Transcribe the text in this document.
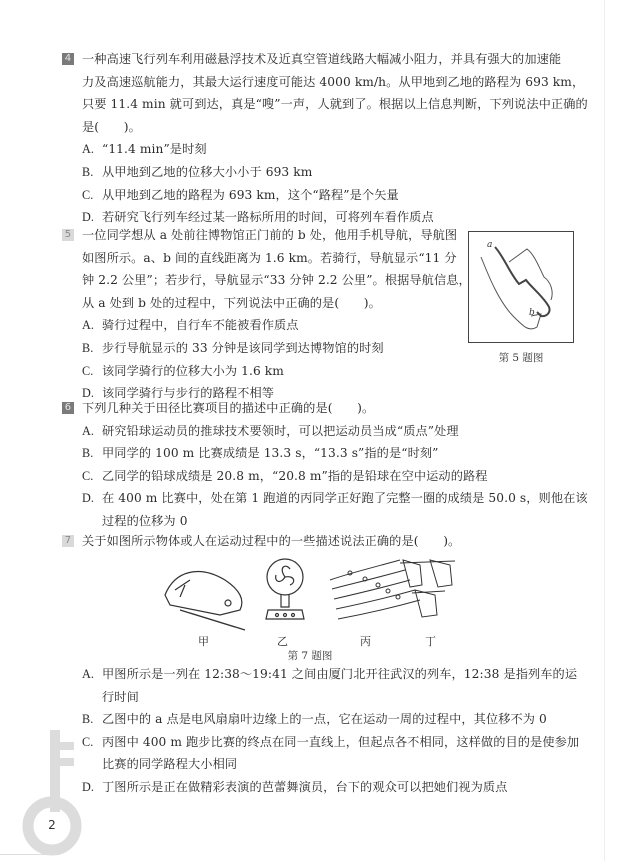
4 一种高速飞行列车利用磁悬浮技术及近真空管道线路大幅减小阻力，并具有强大的加速能
力及高速巡航能力，其最大运行速度可能达 4000 km/h。从甲地到乙地的路程为 693 km，
只要 11.4 min 就可到达，真是“嗖”一声，人就到了。根据以上信息判断，下列说法中正确的
是(　　)。
A. “11.4 min”是时刻
B. 从甲地到乙地的位移大小小于 693 km
C. 从甲地到乙地的路程为 693 km，这个“路程”是个矢量
D. 若研究飞行列车经过某一路标所用的时间，可将列车看作质点
5 一位同学想从 a 处前往博物馆正门前的 b 处，他用手机导航，导航图
如图所示。a、b 间的直线距离为 1.6 km。若骑行，导航显示“11 分
钟 2.2 公里”；若步行，导航显示“33 分钟 2.2 公里”。根据导航信息，
从 a 处到 b 处的过程中，下列说法中正确的是(　　)。
A. 骑行过程中，自行车不能被看作质点
B. 步行导航显示的 33 分钟是该同学到达博物馆的时刻
C. 该同学骑行的位移大小为 1.6 km
D. 该同学骑行与步行的路程不相等
a
b
第 5 题图
6 下列几种关于田径比赛项目的描述中正确的是(　　)。
A. 研究铅球运动员的推球技术要领时，可以把运动员当成“质点”处理
B. 甲同学的 100 m 比赛成绩是 13.3 s，“13.3 s”指的是“时刻”
C. 乙同学的铅球成绩是 20.8 m，“20.8 m”指的是铅球在空中运动的路程
D. 在 400 m 比赛中，处在第 1 跑道的丙同学正好跑了完整一圈的成绩是 50.0 s，则他在该
过程的位移为 0
7 关于如图所示物体或人在运动过程中的一些描述说法正确的是(　　)。
甲	乙	丙	丁
第 7 题图
A. 甲图所示是一列在 12:38～19:41 之间由厦门北开往武汉的列车，12:38 是指列车的运
行时间
B. 乙图中的 a 点是电风扇扇叶边缘上的一点，它在运动一周的过程中，其位移不为 0
C. 丙图中 400 m 跑步比赛的终点在同一直线上，但起点各不相同，这样做的目的是使参加
比赛的同学路程大小相同
D. 丁图所示是正在做精彩表演的芭蕾舞演员，台下的观众可以把她们视为质点
2
